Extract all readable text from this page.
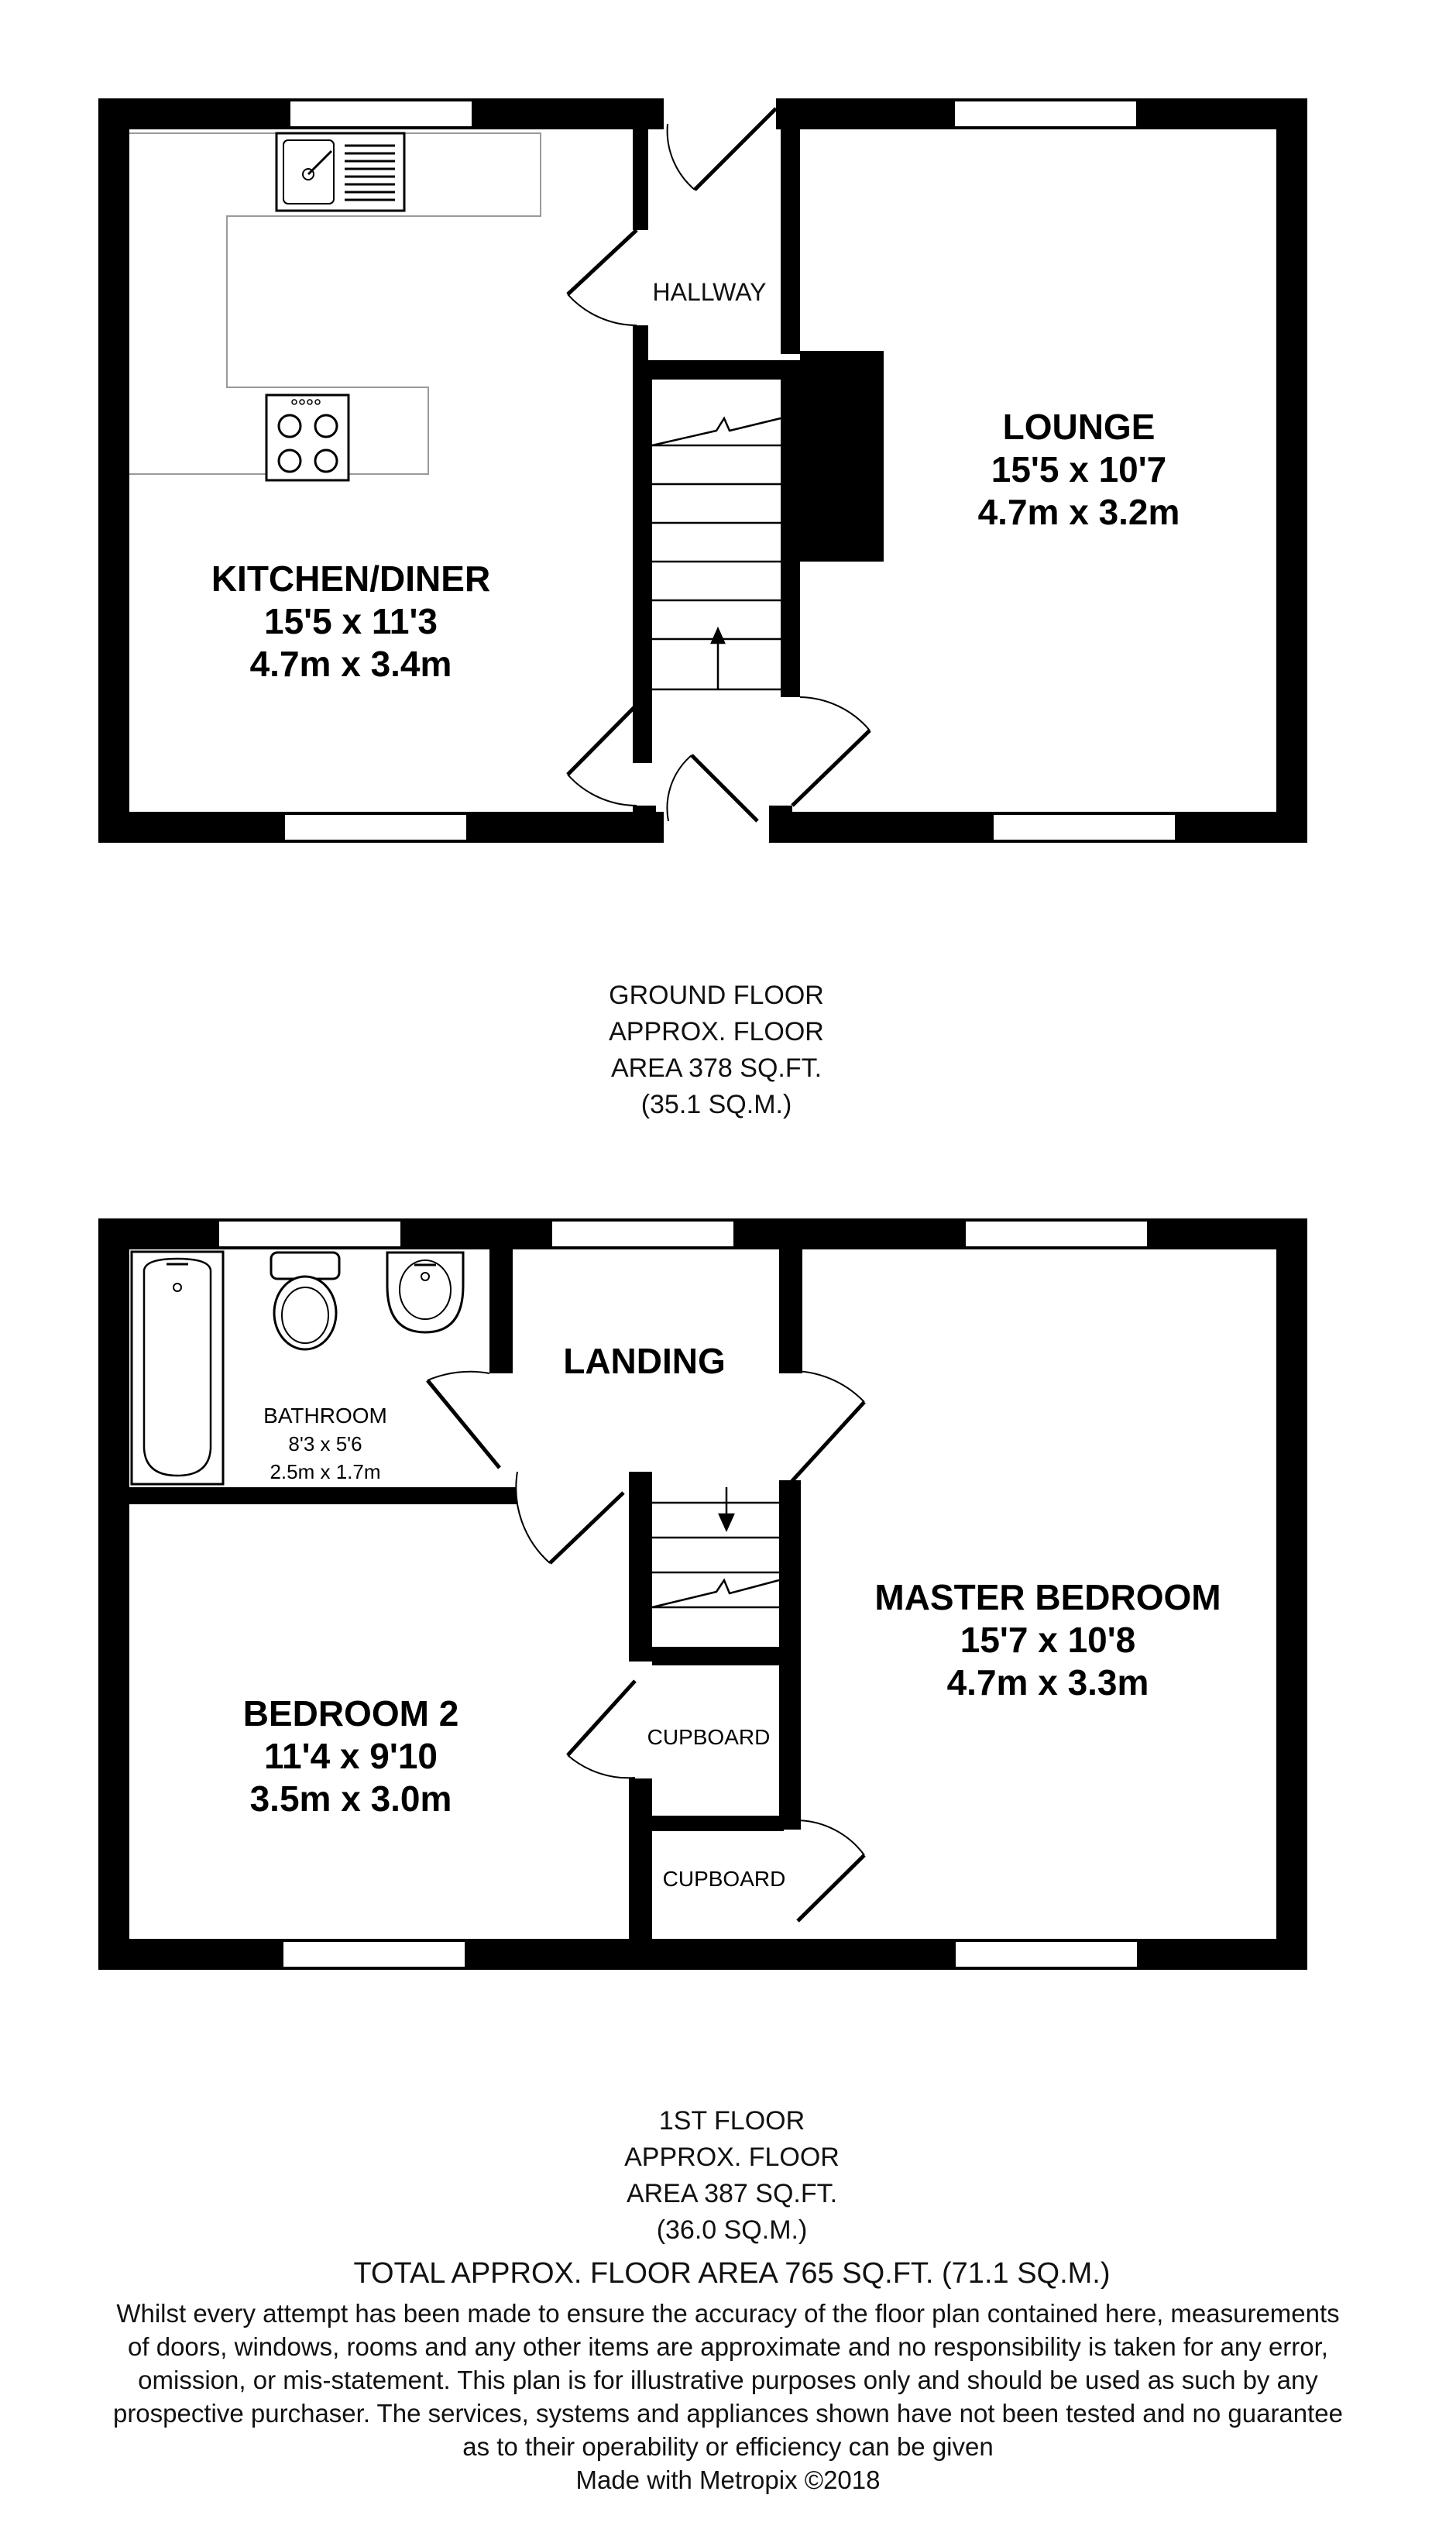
KITCHEN/DINER
15'5 x 11'3
4.7m x 3.4m
LOUNGE
15'5 x 10'7
4.7m x 3.2m
HALLWAY
GROUND FLOOR
APPROX. FLOOR
AREA 378 SQ.FT.
(35.1 SQ.M.)
BATHROOM
8'3 x 5'6
2.5m x 1.7m
LANDING
MASTER BEDROOM
15'7 x 10'8
4.7m x 3.3m
BEDROOM 2
11'4 x 9'10
3.5m x 3.0m
CUPBOARD
CUPBOARD
1ST FLOOR
APPROX. FLOOR
AREA 387 SQ.FT.
(36.0 SQ.M.)
TOTAL APPROX. FLOOR AREA 765 SQ.FT. (71.1 SQ.M.)
Whilst every attempt has been made to ensure the accuracy of the floor plan contained here, measurements
of doors, windows, rooms and any other items are approximate and no responsibility is taken for any error,
omission, or mis-statement. This plan is for illustrative purposes only and should be used as such by any
prospective purchaser. The services, systems and appliances shown have not been tested and no guarantee
as to their operability or efficiency can be given
Made with Metropix ©2018
